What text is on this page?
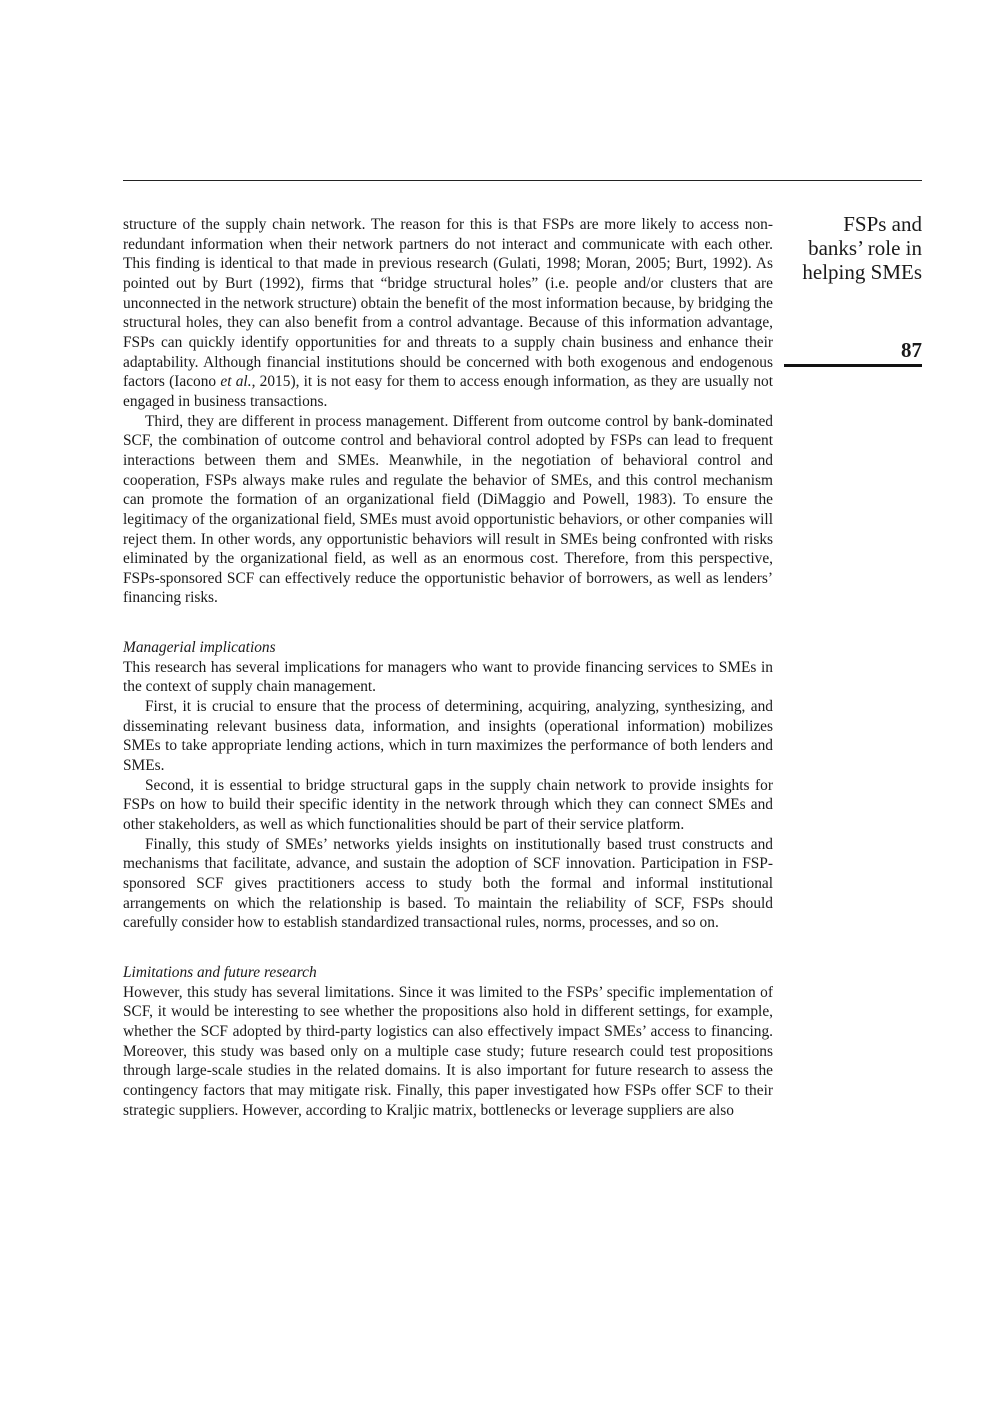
FSPs and banks’ role in helping SMEs
87

structure of the supply chain network. The reason for this is that FSPs are more likely to access non-redundant information when their network partners do not interact and communicate with each other. This finding is identical to that made in previous research (Gulati, 1998; Moran, 2005; Burt, 1992). As pointed out by Burt (1992), firms that “bridge structural holes” (i.e. people and/or clusters that are unconnected in the network structure) obtain the benefit of the most information because, by bridging the structural holes, they can also benefit from a control advantage. Because of this information advantage, FSPs can quickly identify opportunities for and threats to a supply chain business and enhance their adaptability. Although financial institutions should be concerned with both exogenous and endogenous factors (Iacono et al., 2015), it is not easy for them to access enough information, as they are usually not engaged in business transactions.

Third, they are different in process management. Different from outcome control by bank-dominated SCF, the combination of outcome control and behavioral control adopted by FSPs can lead to frequent interactions between them and SMEs. Meanwhile, in the negotiation of behavioral control and cooperation, FSPs always make rules and regulate the behavior of SMEs, and this control mechanism can promote the formation of an organizational field (DiMaggio and Powell, 1983). To ensure the legitimacy of the organizational field, SMEs must avoid opportunistic behaviors, or other companies will reject them. In other words, any opportunistic behaviors will result in SMEs being confronted with risks eliminated by the organizational field, as well as an enormous cost. Therefore, from this perspective, FSPs-sponsored SCF can effectively reduce the opportunistic behavior of borrowers, as well as lenders’ financing risks.

Managerial implications

This research has several implications for managers who want to provide financing services to SMEs in the context of supply chain management.

First, it is crucial to ensure that the process of determining, acquiring, analyzing, synthesizing, and disseminating relevant business data, information, and insights (operational information) mobilizes SMEs to take appropriate lending actions, which in turn maximizes the performance of both lenders and SMEs.

Second, it is essential to bridge structural gaps in the supply chain network to provide insights for FSPs on how to build their specific identity in the network through which they can connect SMEs and other stakeholders, as well as which functionalities should be part of their service platform.

Finally, this study of SMEs’ networks yields insights on institutionally based trust constructs and mechanisms that facilitate, advance, and sustain the adoption of SCF innovation. Participation in FSP-sponsored SCF gives practitioners access to study both the formal and informal institutional arrangements on which the relationship is based. To maintain the reliability of SCF, FSPs should carefully consider how to establish standardized transactional rules, norms, processes, and so on.

Limitations and future research

However, this study has several limitations. Since it was limited to the FSPs’ specific implementation of SCF, it would be interesting to see whether the propositions also hold in different settings, for example, whether the SCF adopted by third-party logistics can also effectively impact SMEs’ access to financing. Moreover, this study was based only on a multiple case study; future research could test propositions through large-scale studies in the related domains. It is also important for future research to assess the contingency factors that may mitigate risk. Finally, this paper investigated how FSPs offer SCF to their strategic suppliers. However, according to Kraljic matrix, bottlenecks or leverage suppliers are also
